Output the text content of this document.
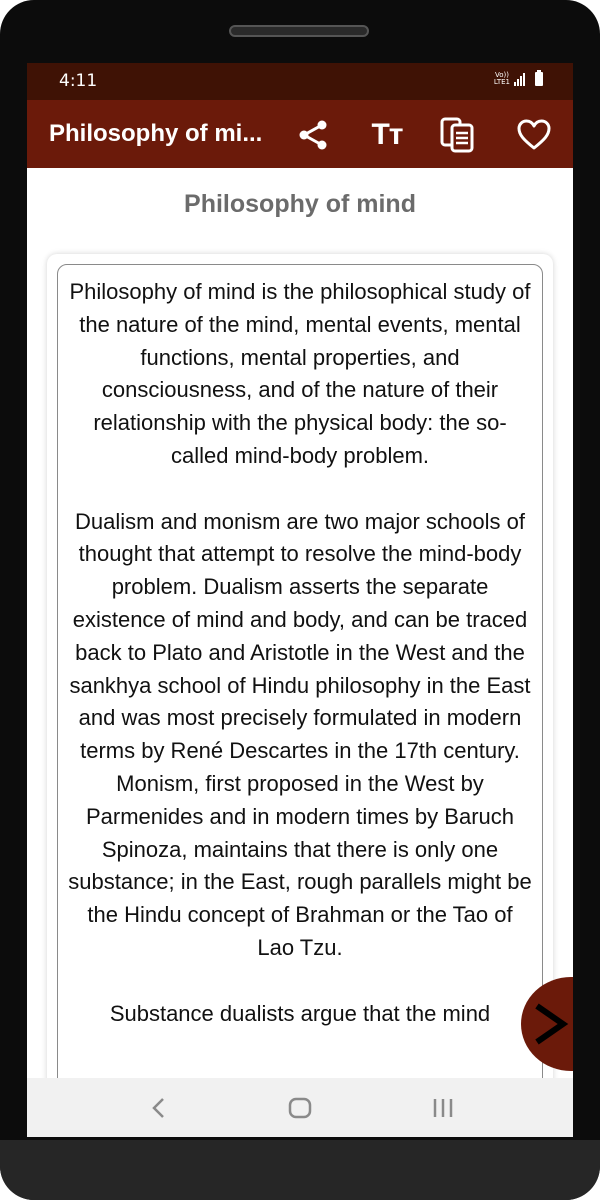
4:11	Vo))
LTE1
Philosophy of mi...	Tт
Philosophy of mind

Philosophy of mind is the philosophical study of the nature of the mind, mental events, mental functions, mental properties, and consciousness, and of the nature of their relationship with the physical body: the so-called mind-body problem.

Dualism and monism are two major schools of thought that attempt to resolve the mind-body problem. Dualism asserts the separate existence of mind and body, and can be traced back to Plato and Aristotle in the West and the sankhya school of Hindu philosophy in the East and was most precisely formulated in modern terms by René Descartes in the 17th century. Monism, first proposed in the West by Parmenides and in modern times by Baruch Spinoza, maintains that there is only one substance; in the East, rough parallels might be the Hindu concept of Brahman or the Tao of Lao Tzu.

Substance dualists argue that the mind
